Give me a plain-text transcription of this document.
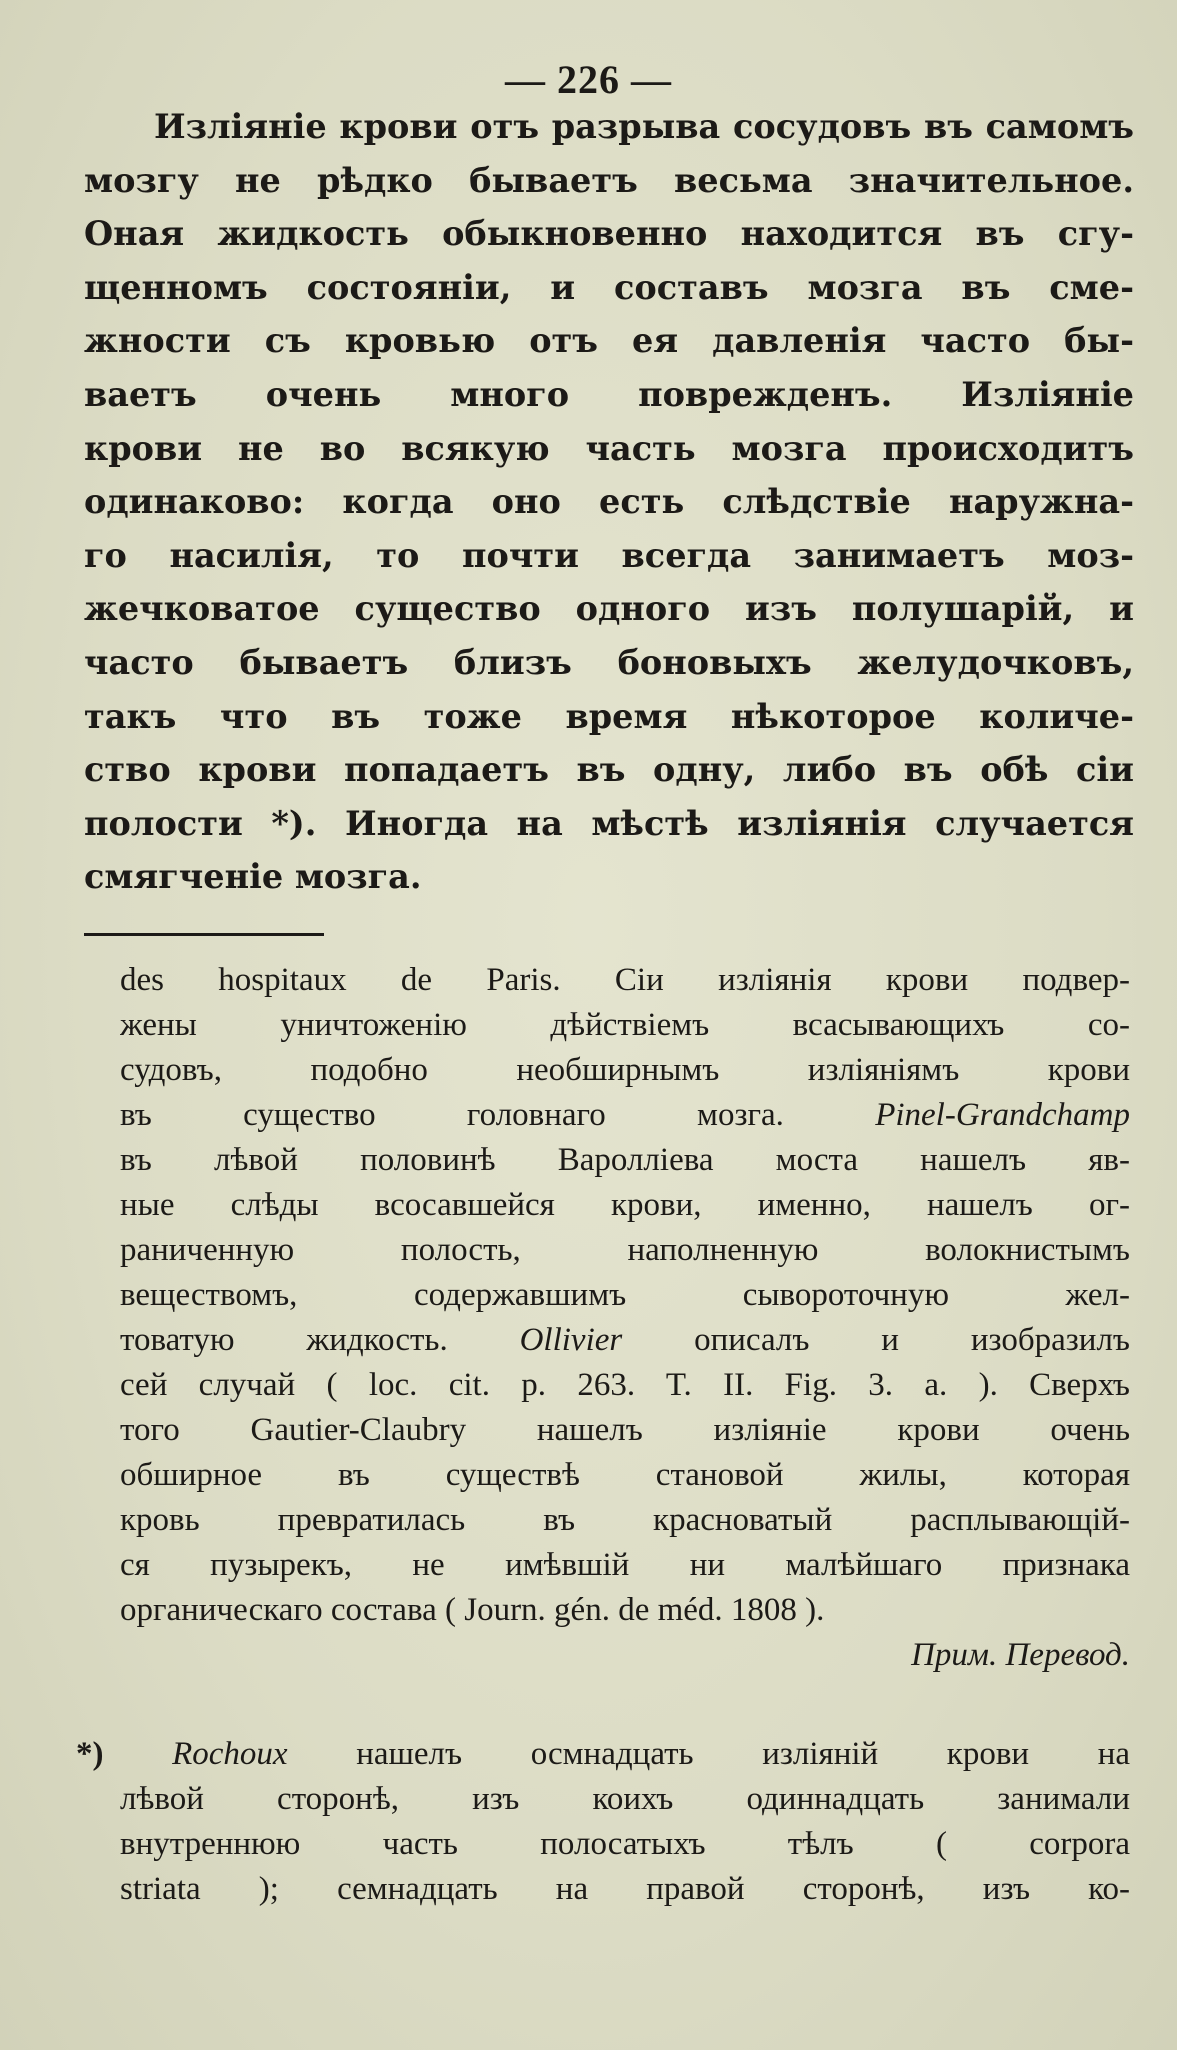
— 226 —
Изліяніе крови отъ разрыва сосудовъ въ самомъ
мозгу не рѣдко бываетъ весьма значительное.
Оная жидкость обыкновенно находится въ сгу-
щенномъ состояніи, и составъ мозга въ сме-
жности съ кровью отъ ея давленія часто бы-
ваетъ очень много поврежденъ. Изліяніе
крови не во всякую часть мозга происходитъ
одинаково: когда оно есть слѣдствіе наружна-
го насилія, то почти всегда занимаетъ моз-
жечковатое существо одного изъ полушарій, и
часто бываетъ близъ боновыхъ желудочковъ,
такъ что въ тоже время нѣкоторое количе-
ство крови попадаетъ въ одну, либо въ обѣ сіи
полости *). Иногда на мѣстѣ изліянія случается
смягченіе мозга.
des hospitaux de Paris. Сіи изліянія крови подвер-
жены уничтоженію дѣйствіемъ всасывающихъ со-
судовъ, подобно необширнымъ изліяніямъ крови
въ существо головнаго мозга.	Pinel-Grandchamp
въ лѣвой половинѣ Варолліева моста нашелъ яв-
ные слѣды всосавшейся крови, именно, нашелъ ог-
раниченную полость, наполненную волокнистымъ
веществомъ, содержавшимъ сывороточную жел-
товатую жидкость. Ollivier описалъ и изобразилъ
сей случай ( loc. cit. p. 263. T. II. Fig. 3. a. ). Сверхъ
того Gautier-Claubry нашелъ изліяніе крови очень
обширное въ существѣ становой жилы, которая
кровь превратилась въ красноватый расплывающій-
ся пузырекъ, не имѣвшій ни малѣйшаго признака
органическаго состава ( Journ. gén. de méd. 1808 ).
Прим. Перевод.
*) Rochoux нашелъ осмнадцать изліяній крови на
лѣвой сторонѣ, изъ коихъ одиннадцать занимали
внутреннюю часть полосатыхъ тѣлъ ( corpora
striata ); семнадцать на правой сторонѣ, изъ ко-
